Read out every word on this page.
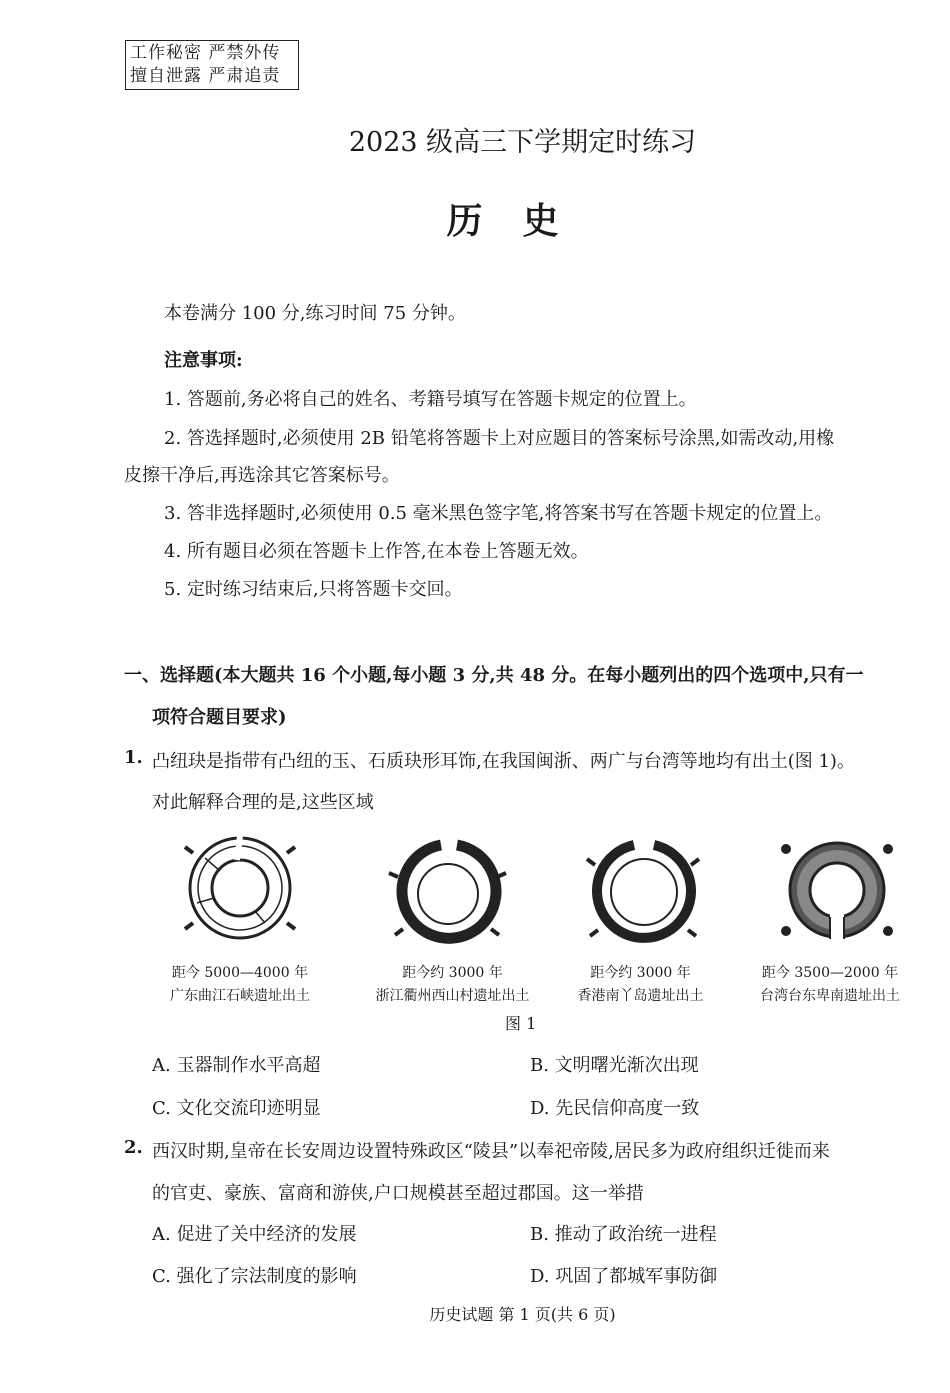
工作秘密 严禁外传
擅自泄露 严肃追责
2023 级高三下学期定时练习
历史
本卷满分 100 分,练习时间 75 分钟。
注意事项:
1. 答题前,务必将自己的姓名、考籍号填写在答题卡规定的位置上。
2. 答选择题时,必须使用 2B 铅笔将答题卡上对应题目的答案标号涂黑,如需改动,用橡
皮擦干净后,再选涂其它答案标号。
3. 答非选择题时,必须使用 0.5 毫米黑色签字笔,将答案书写在答题卡规定的位置上。
4. 所有题目必须在答题卡上作答,在本卷上答题无效。
5. 定时练习结束后,只将答题卡交回。
一、选择题(本大题共 16 个小题,每小题 3 分,共 48 分。在每小题列出的四个选项中,只有一
项符合题目要求)
1. 凸纽玦是指带有凸纽的玉、石质玦形耳饰,在我国闽浙、两广与台湾等地均有出土(图 1)。
对此解释合理的是,这些区域
距今 5000—4000 年
广东曲江石峡遗址出土
距今约 3000 年
浙江衢州西山村遗址出土
距今约 3000 年
香港南丫岛遗址出土
距今 3500—2000 年
台湾台东卑南遗址出土
图 1
A. 玉器制作水平高超	B. 文明曙光渐次出现
C. 文化交流印迹明显	D. 先民信仰高度一致
2. 西汉时期,皇帝在长安周边设置特殊政区“陵县”以奉祀帝陵,居民多为政府组织迁徙而来
的官吏、豪族、富商和游侠,户口规模甚至超过郡国。这一举措
A. 促进了关中经济的发展	B. 推动了政治统一进程
C. 强化了宗法制度的影响	D. 巩固了都城军事防御
历史试题 第 1 页(共 6 页)
